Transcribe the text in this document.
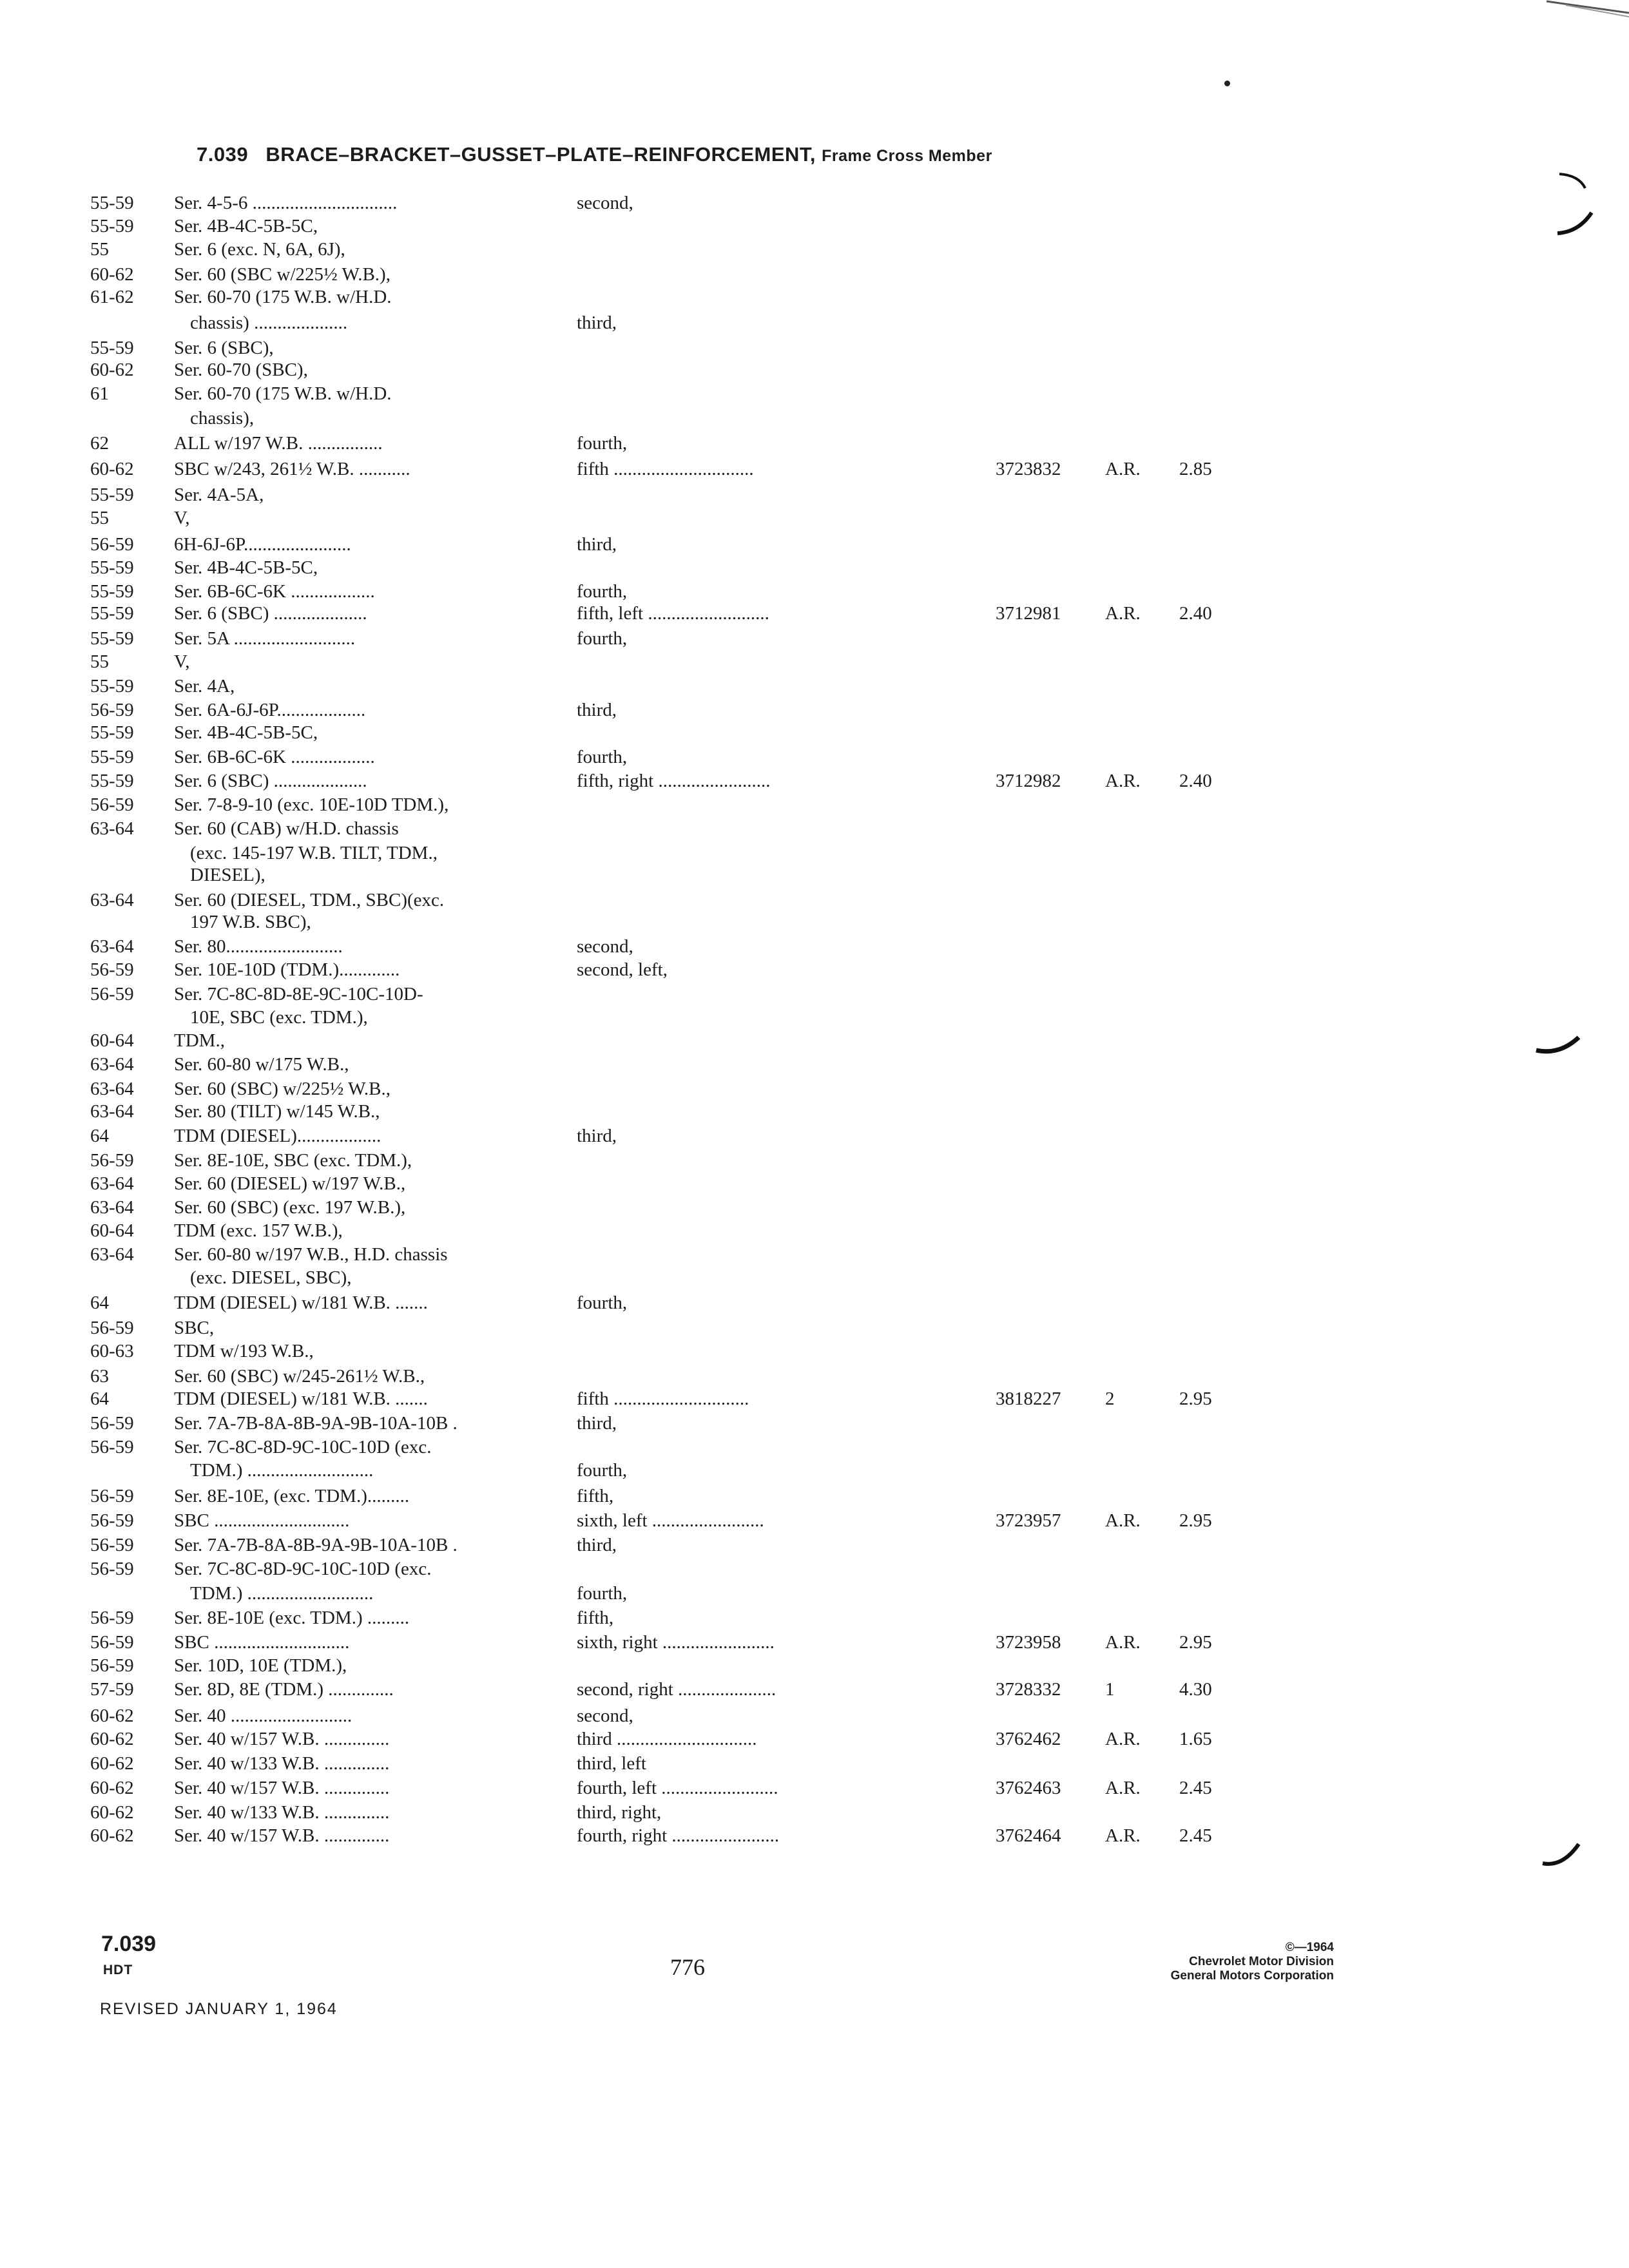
7.039 BRACE–BRACKET–GUSSET–PLATE–REINFORCEMENT, Frame Cross Member
55-59	Ser. 4-5-6 ...............................	second,
55-59	Ser. 4B-4C-5B-5C,
55	Ser. 6 (exc. N, 6A, 6J),
60-62	Ser. 60 (SBC w/225½ W.B.),
61-62	Ser. 60-70 (175 W.B. w/H.D.
chassis) ....................	third,
55-59	Ser. 6 (SBC),
60-62	Ser. 60-70 (SBC),
61	Ser. 60-70 (175 W.B. w/H.D.
chassis),
62	ALL w/197 W.B. ................	fourth,
60-62	SBC w/243, 261½ W.B. ...........	fifth ..............................	3723832	A.R.	2.85
55-59	Ser. 4A-5A,
55	V,
56-59	6H-6J-6P.......................	third,
55-59	Ser. 4B-4C-5B-5C,
55-59	Ser. 6B-6C-6K ..................	fourth,
55-59	Ser. 6 (SBC) ....................	fifth, left ..........................	3712981	A.R.	2.40
55-59	Ser. 5A ..........................	fourth,
55	V,
55-59	Ser. 4A,
56-59	Ser. 6A-6J-6P...................	third,
55-59	Ser. 4B-4C-5B-5C,
55-59	Ser. 6B-6C-6K ..................	fourth,
55-59	Ser. 6 (SBC) ....................	fifth, right ........................	3712982	A.R.	2.40
56-59	Ser. 7-8-9-10 (exc. 10E-10D TDM.),
63-64	Ser. 60 (CAB) w/H.D. chassis
(exc. 145-197 W.B. TILT, TDM.,
DIESEL),
63-64	Ser. 60 (DIESEL, TDM., SBC)(exc.
197 W.B. SBC),
63-64	Ser. 80.........................	second,
56-59	Ser. 10E-10D (TDM.).............	second, left,
56-59	Ser. 7C-8C-8D-8E-9C-10C-10D-
10E, SBC (exc. TDM.),
60-64	TDM.,
63-64	Ser. 60-80 w/175 W.B.,
63-64	Ser. 60 (SBC) w/225½ W.B.,
63-64	Ser. 80 (TILT) w/145 W.B.,
64	TDM (DIESEL)..................	third,
56-59	Ser. 8E-10E, SBC (exc. TDM.),
63-64	Ser. 60 (DIESEL) w/197 W.B.,
63-64	Ser. 60 (SBC) (exc. 197 W.B.),
60-64	TDM (exc. 157 W.B.),
63-64	Ser. 60-80 w/197 W.B., H.D. chassis
(exc. DIESEL, SBC),
64	TDM (DIESEL) w/181 W.B. .......	fourth,
56-59	SBC,
60-63	TDM w/193 W.B.,
63	Ser. 60 (SBC) w/245-261½ W.B.,
64	TDM (DIESEL) w/181 W.B. .......	fifth .............................	3818227	2	2.95
56-59	Ser. 7A-7B-8A-8B-9A-9B-10A-10B .	third,
56-59	Ser. 7C-8C-8D-9C-10C-10D (exc.
TDM.) ...........................	fourth,
56-59	Ser. 8E-10E, (exc. TDM.).........	fifth,
56-59	SBC .............................	sixth, left ........................	3723957	A.R.	2.95
56-59	Ser. 7A-7B-8A-8B-9A-9B-10A-10B .	third,
56-59	Ser. 7C-8C-8D-9C-10C-10D (exc.
TDM.) ...........................	fourth,
56-59	Ser. 8E-10E (exc. TDM.) .........	fifth,
56-59	SBC .............................	sixth, right ........................	3723958	A.R.	2.95
56-59	Ser. 10D, 10E (TDM.),
57-59	Ser. 8D, 8E (TDM.) ..............	second, right .....................	3728332	1	4.30
60-62	Ser. 40 ..........................	second,
60-62	Ser. 40 w/157 W.B. ..............	third ..............................	3762462	A.R.	1.65
60-62	Ser. 40 w/133 W.B. ..............	third, left
60-62	Ser. 40 w/157 W.B. ..............	fourth, left .........................	3762463	A.R.	2.45
60-62	Ser. 40 w/133 W.B. ..............	third, right,
60-62	Ser. 40 w/157 W.B. ..............	fourth, right .......................	3762464	A.R.	2.45
7.039
HDT
REVISED JANUARY 1, 1964
776
©—1964
Chevrolet Motor Division
General Motors Corporation
